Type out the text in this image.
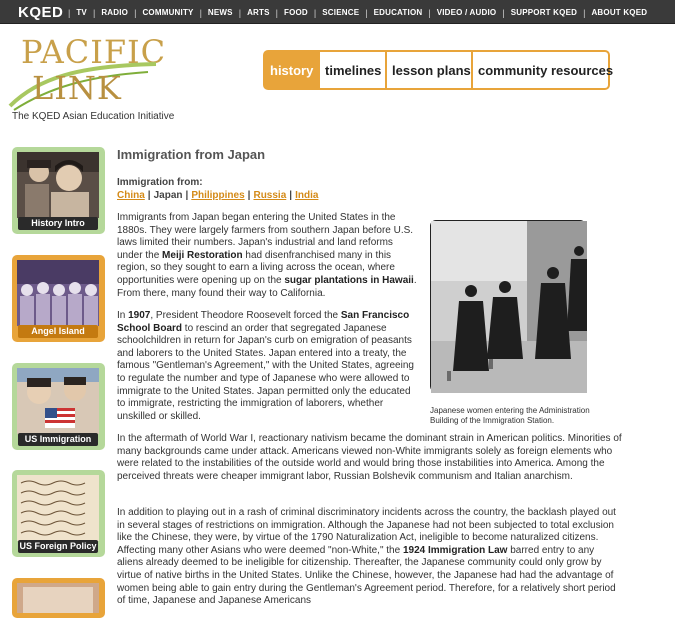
KQED | TV | RADIO | COMMUNITY | NEWS | ARTS | FOOD | SCIENCE | EDUCATION | VIDEO / AUDIO | SUPPORT KQED | ABOUT KQED
PACIFIC
LINK
The KQED Asian Education Initiative
history timelines lesson plans community resources
History Intro
Angel Island
US Immigration
US Foreign Policy
Immigration from Japan
Immigration from:
China | Japan | Philippines | Russia | India
Immigrants from Japan began entering the United States in the 1880s. They were largely farmers from southern Japan before U.S. laws limited their numbers. Japan's industrial and land reforms under the Meiji Restoration had disenfranchised many in this region, so they sought to earn a living across the ocean, where opportunities were opening up on the sugar plantations in Hawaii. From there, many found their way to California.
In 1907, President Theodore Roosevelt forced the San Francisco School Board to rescind an order that segregated Japanese schoolchildren in return for Japan's curb on emigration of peasants and laborers to the United States. Japan entered into a treaty, the famous "Gentleman's Agreement," with the United States, agreeing to regulate the number and type of Japanese who were allowed to immigrate to the United States. Japan permitted only the educated to immigrate, restricting the immigration of laborers, whether unskilled or skilled.
Japanese women entering the Administration Building of the Immigration Station.
In the aftermath of World War I, reactionary nativism became the dominant strain in American politics. Minorities of many backgrounds came under attack. Americans viewed non-White immigrants solely as foreign elements who were related to the instabilities of the outside world and would bring those instabilities into America. Among the perceived threats were cheaper immigrant labor, Russian Bolshevik communism and Italian anarchism.
In addition to playing out in a rash of criminal discriminatory incidents across the country, the backlash played out in several stages of restrictions on immigration. Although the Japanese had not been subjected to total exclusion like the Chinese, they were, by virtue of the 1790 Naturalization Act, ineligible to become naturalized citizens. Affecting many other Asians who were deemed "non-White," the 1924 Immigration Law barred entry to any aliens already deemed to be ineligible for citizenship. Thereafter, the Japanese community could only grow by virtue of native births in the United States. Unlike the Chinese, however, the Japanese had had the advantage of women being able to gain entry during the Gentleman's Agreement period. Therefore, for a relatively short period of time, Japanese and Japanese Americans
